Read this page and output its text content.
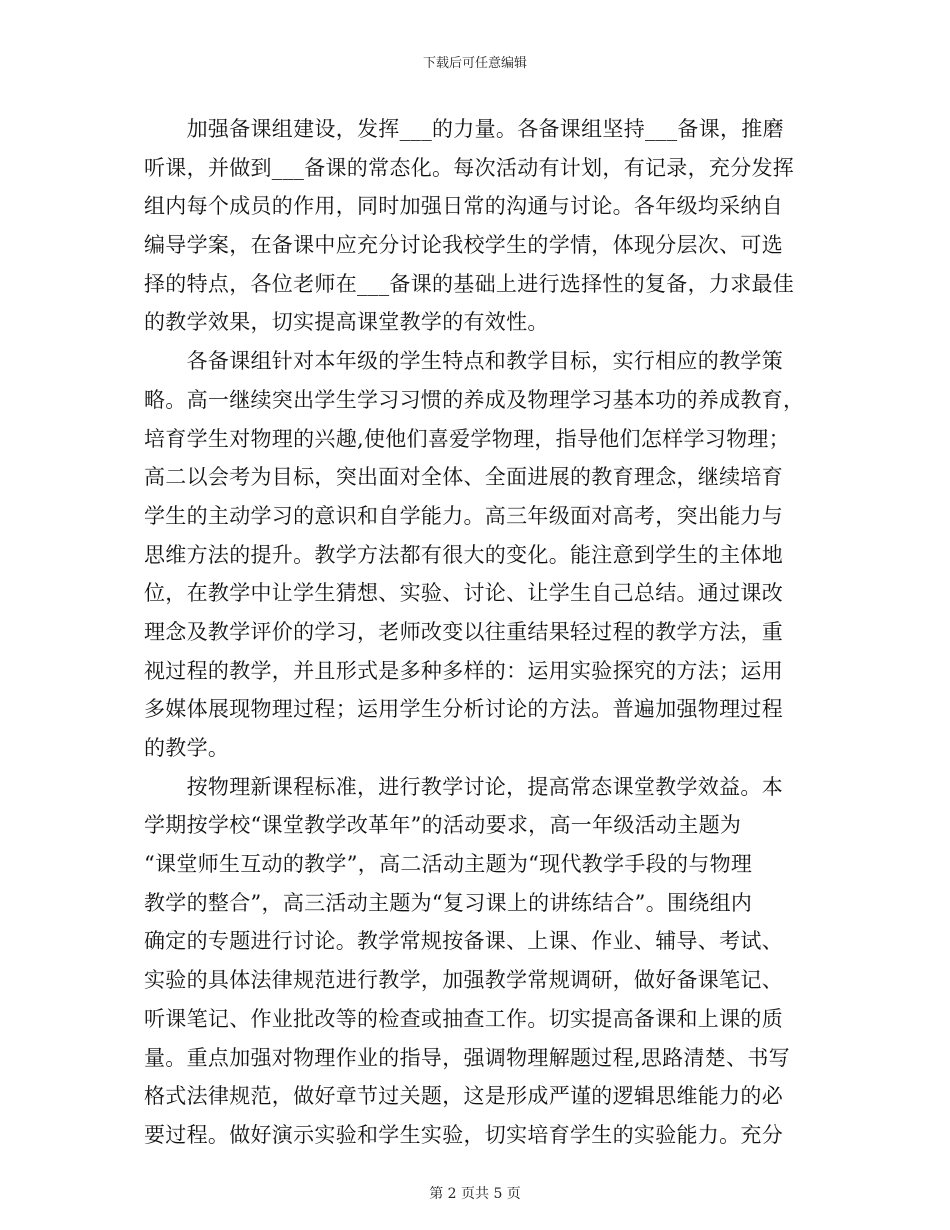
下载后可任意编辑
　　加强备课组建设，发挥___的力量。各备课组坚持___备课，推磨
听课，并做到___备课的常态化。每次活动有计划，有记录，充分发挥
组内每个成员的作用，同时加强日常的沟通与讨论。各年级均采纳自
编导学案，在备课中应充分讨论我校学生的学情，体现分层次、可选
择的特点，各位老师在___备课的基础上进行选择性的复备，力求最佳
的教学效果，切实提高课堂教学的有效性。
　　各备课组针对本年级的学生特点和教学目标，实行相应的教学策
略。高一继续突出学生学习习惯的养成及物理学习基本功的养成教育，
培育学生对物理的兴趣,使他们喜爱学物理，指导他们怎样学习物理；
高二以会考为目标，突出面对全体、全面进展的教育理念，继续培育
学生的主动学习的意识和自学能力。高三年级面对高考，突出能力与
思维方法的提升。教学方法都有很大的变化。能注意到学生的主体地
位，在教学中让学生猜想、实验、讨论、让学生自己总结。通过课改
理念及教学评价的学习，老师改变以往重结果轻过程的教学方法，重
视过程的教学，并且形式是多种多样的：运用实验探究的方法；运用
多媒体展现物理过程；运用学生分析讨论的方法。普遍加强物理过程
的教学。
　　按物理新课程标准，进行教学讨论，提高常态课堂教学效益。本
学期按学校“课堂教学改革年”的活动要求，高一年级活动主题为
“课堂师生互动的教学”，高二活动主题为“现代教学手段的与物理
教学的整合”，高三活动主题为“复习课上的讲练结合”。围绕组内
确定的专题进行讨论。教学常规按备课、上课、作业、辅导、考试、
实验的具体法律规范进行教学，加强教学常规调研，做好备课笔记、
听课笔记、作业批改等的检查或抽查工作。切实提高备课和上课的质
量。重点加强对物理作业的指导，强调物理解题过程,思路清楚、书写
格式法律规范，做好章节过关题，这是形成严谨的逻辑思维能力的必
要过程。做好演示实验和学生实验，切实培育学生的实验能力。充分
第 2 页共 5 页
